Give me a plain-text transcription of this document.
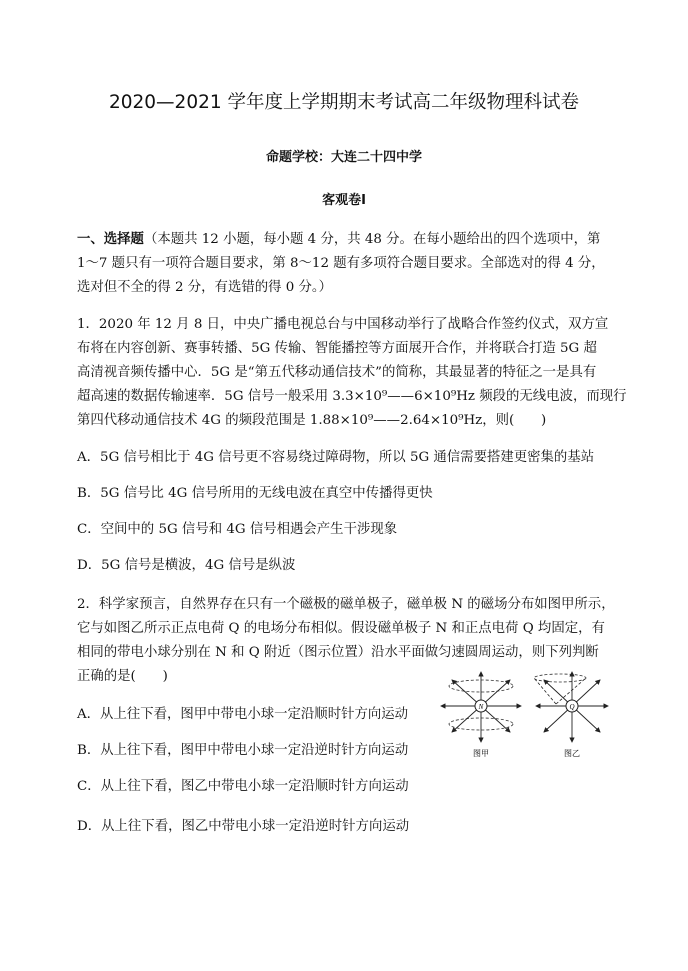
2020—2021 学年度上学期期末考试高二年级物理科试卷
命题学校：大连二十四中学
客观卷Ⅰ
一、选择题（本题共 12 小题，每小题 4 分，共 48 分。在每小题给出的四个选项中，第
1～7 题只有一项符合题目要求，第 8～12 题有多项符合题目要求。全部选对的得 4 分，
选对但不全的得 2 分，有选错的得 0 分。）
1．2020 年 12 月 8 日，中央广播电视总台与中国移动举行了战略合作签约仪式，双方宣
布将在内容创新、赛事转播、5G 传输、智能播控等方面展开合作，并将联合打造 5G 超
高清视音频传播中心．5G 是“第五代移动通信技术”的简称，其最显著的特征之一是具有
超高速的数据传输速率．5G 信号一般采用 3.3×10⁹——6×10⁹Hz 频段的无线电波，而现行
第四代移动通信技术 4G 的频段范围是 1.88×10⁹——2.64×10⁹Hz，则(　　)
A．5G 信号相比于 4G 信号更不容易绕过障碍物，所以 5G 通信需要搭建更密集的基站
B．5G 信号比 4G 信号所用的无线电波在真空中传播得更快
C．空间中的 5G 信号和 4G 信号相遇会产生干涉现象
D．5G 信号是横波，4G 信号是纵波
2．科学家预言，自然界存在只有一个磁极的磁单极子，磁单极 N 的磁场分布如图甲所示，
它与如图乙所示正点电荷 Q 的电场分布相似。假设磁单极子 N 和正点电荷 Q 均固定，有
相同的带电小球分别在 N 和 Q 附近（图示位置）沿水平面做匀速圆周运动，则下列判断
正确的是(　　)
A．从上往下看，图甲中带电小球一定沿顺时针方向运动
B．从上往下看，图甲中带电小球一定沿逆时针方向运动
C．从上往下看，图乙中带电小球一定沿顺时针方向运动
D．从上往下看，图乙中带电小球一定沿逆时针方向运动
N
图甲
Q
图乙
